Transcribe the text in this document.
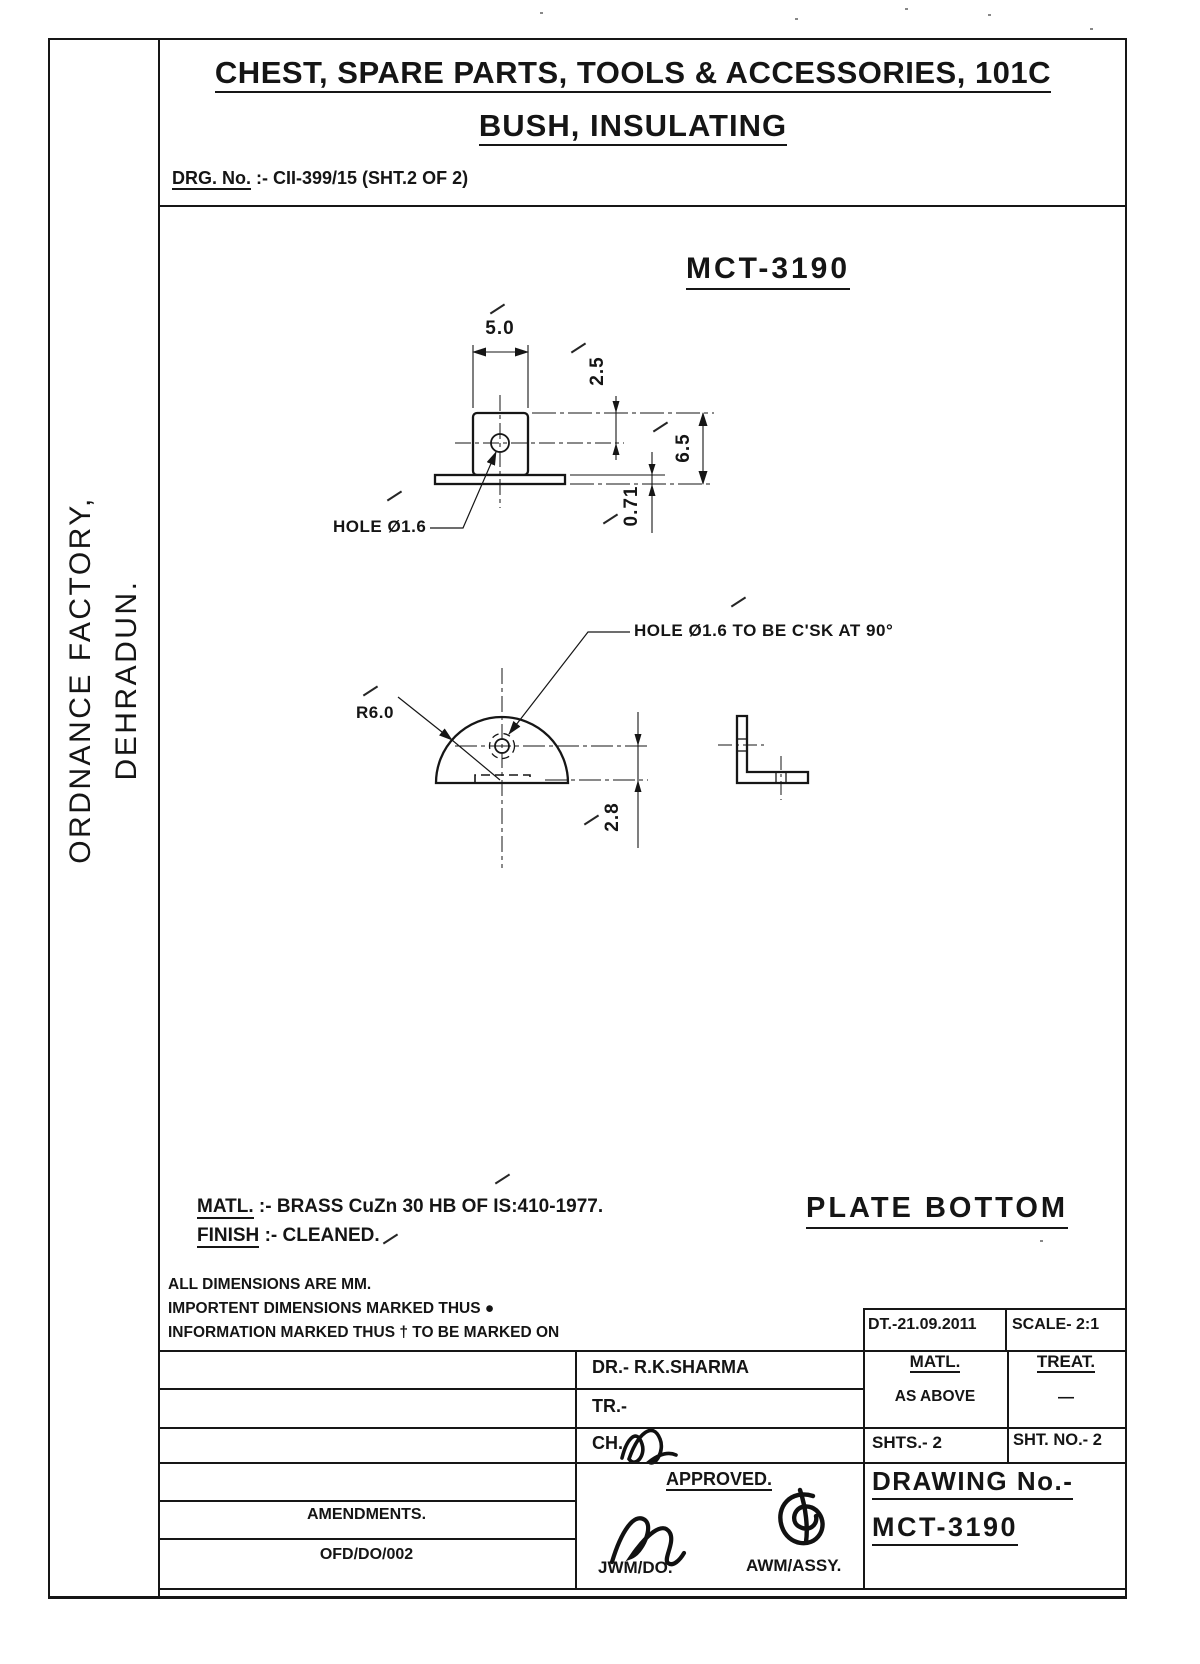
ORDNANCE FACTORY, DEHRADUN.
CHEST, SPARE PARTS, TOOLS & ACCESSORIES, 101C
BUSH, INSULATING
DRG. No. :- CII-399/15 (SHT.2 OF 2)
MCT-3190
5.0
2.5
6.5
0.71
2.8
R6.0
HOLE Ø1.6
HOLE Ø1.6 TO BE C'SK AT 90°
MATL. :- BRASS CuZn 30 HB OF IS:410-1977.
FINISH :- CLEANED.
PLATE BOTTOM
ALL DIMENSIONS ARE MM.
IMPORTENT DIMENSIONS MARKED THUS ●
INFORMATION MARKED THUS † TO BE MARKED ON	DT.-21.09.2011 SCALE- 2:1
DR.- R.K.SHARMA
TR.-
CH.
MATL.
AS ABOVE
TREAT.
—
SHTS.- 2	SHT. NO.- 2
APPROVED.
JWM/DO.	AWM/ASSY.
AMENDMENTS.
OFD/DO/002
DRAWING No.-
MCT-3190
